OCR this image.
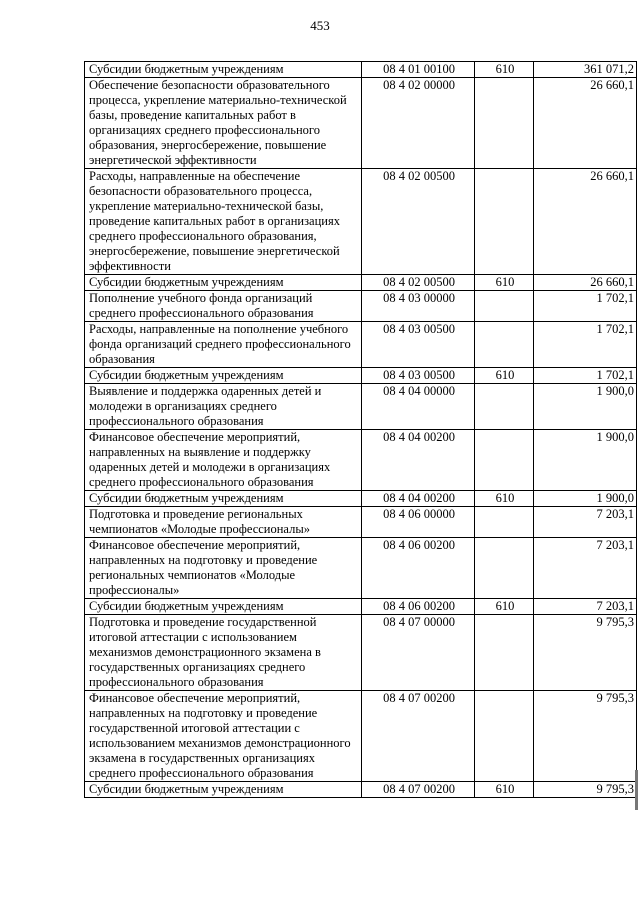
453
Субсидии бюджетным учреждениям	08 4 01 00100	610	361 071,2
Обеспечение безопасности образовательного процесса, укрепление материально-технической базы, проведение капитальных работ в организациях среднего профессионального образования, энергосбережение, повышение энергетической эффективности	08 4 02 00000		26 660,1
Расходы, направленные на обеспечение безопасности образовательного процесса, укрепление материально-технической базы, проведение капитальных работ в организациях среднего профессионального образования, энергосбережение, повышение энергетической эффективности	08 4 02 00500		26 660,1
Субсидии бюджетным учреждениям	08 4 02 00500	610	26 660,1
Пополнение учебного фонда организаций среднего профессионального образования	08 4 03 00000		1 702,1
Расходы, направленные на пополнение учебного фонда организаций среднего профессионального образования	08 4 03 00500		1 702,1
Субсидии бюджетным учреждениям	08 4 03 00500	610	1 702,1
Выявление и поддержка одаренных детей и молодежи в организациях среднего профессионального образования	08 4 04 00000		1 900,0
Финансовое обеспечение мероприятий, направленных на выявление и поддержку одаренных детей и молодежи в организациях среднего профессионального образования	08 4 04 00200		1 900,0
Субсидии бюджетным учреждениям	08 4 04 00200	610	1 900,0
Подготовка и проведение региональных чемпионатов «Молодые профессионалы»	08 4 06 00000		7 203,1
Финансовое обеспечение мероприятий, направленных на подготовку и проведение региональных чемпионатов «Молодые профессионалы»	08 4 06 00200		7 203,1
Субсидии бюджетным учреждениям	08 4 06 00200	610	7 203,1
Подготовка и проведение государственной итоговой аттестации с использованием механизмов демонстрационного экзамена в государственных организациях среднего профессионального образования	08 4 07 00000		9 795,3
Финансовое обеспечение мероприятий, направленных на подготовку и проведение государственной итоговой аттестации с использованием механизмов демонстрационного экзамена в государственных организациях среднего профессионального образования	08 4 07 00200		9 795,3
Субсидии бюджетным учреждениям	08 4 07 00200	610	9 795,3
